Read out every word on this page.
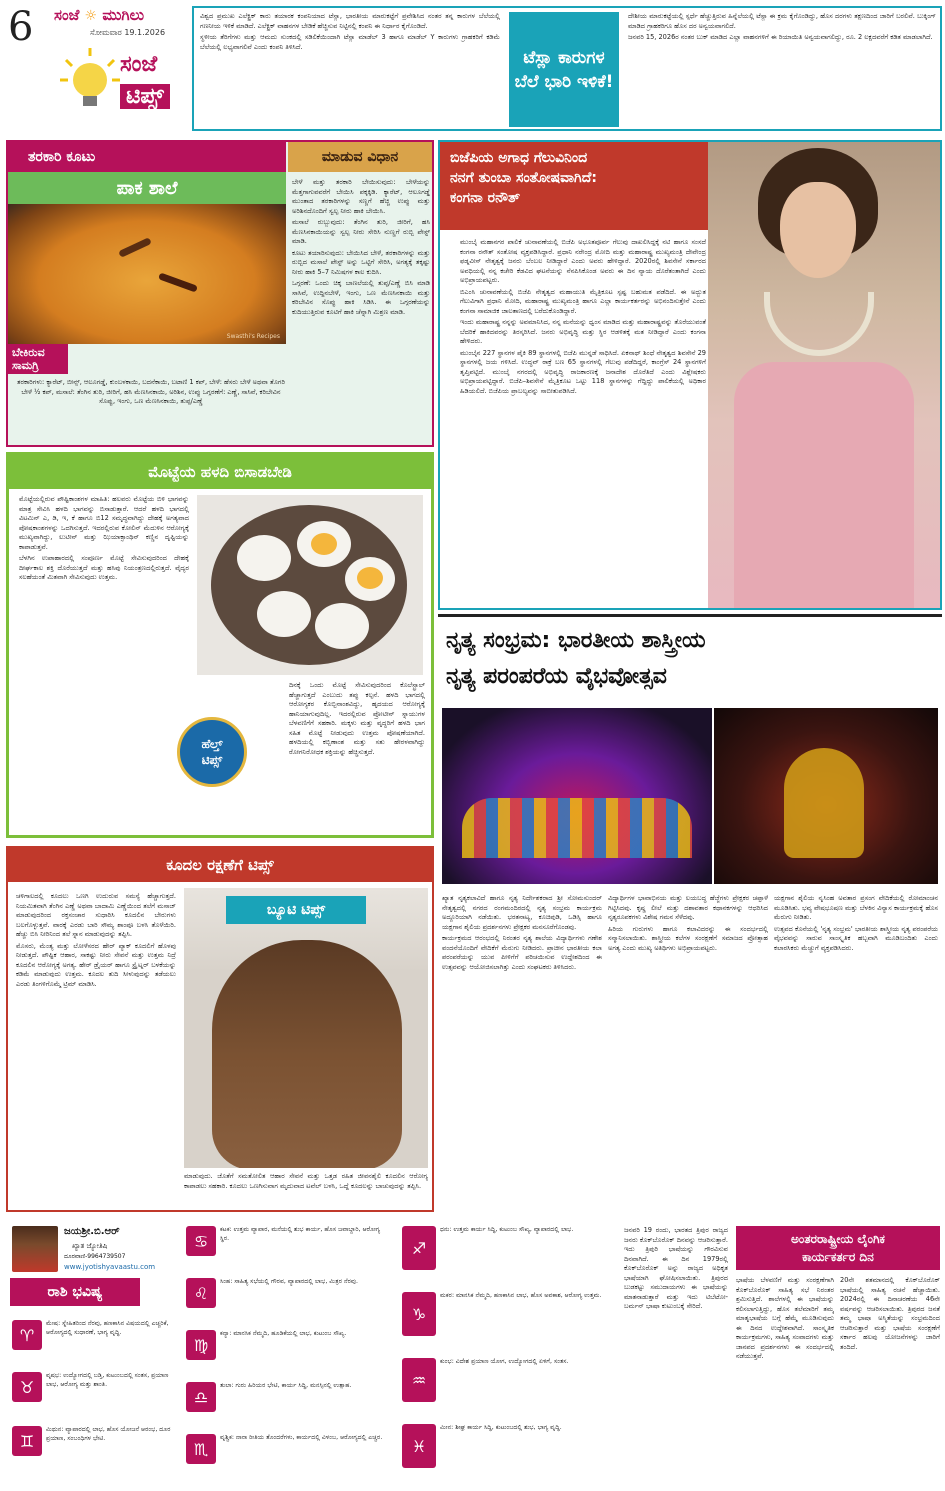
6 ಸಂಜೆ ☼ ಮುಗಿಲು
ಸೋಮವಾರ 19.1.2026
ಸಂಜೆ
ಟಿಪ್ಸ್

ವಿಶ್ವದ ಪ್ರಮುಖ ಎಲೆಕ್ಟ್ರಿಕ್ ಕಾರು ತಯಾರಕ ಕಂಪನಿಯಾದ ಟೆಸ್ಲಾ, ಭಾರತೀಯ ಮಾರುಕಟ್ಟೆಗೆ ಪ್ರವೇಶಿಸಿದ ನಂತರ ತನ್ನ ಕಾರುಗಳ ಬೆಲೆಯಲ್ಲಿ ಗಣನೀಯ ಇಳಿಕೆ ಮಾಡಿದೆ. ಎಲೆಕ್ಟ್ರಿಕ್ ವಾಹನಗಳ ಬೇಡಿಕೆ ಹೆಚ್ಚಿಸುವ ನಿಟ್ಟಿನಲ್ಲಿ ಕಂಪನಿ ಈ ನಿರ್ಧಾರ ಕೈಗೊಂಡಿದೆ.

ಸ್ಥಳೀಯ ತೆರಿಗೆಗಳು ಮತ್ತು ಆಮದು ಸುಂಕದಲ್ಲಿ ಸಡಿಲಿಕೆಯಿಂದಾಗಿ ಟೆಸ್ಲಾ ಮಾಡೆಲ್ 3 ಹಾಗೂ ಮಾಡೆಲ್ Y ಕಾರುಗಳು ಗ್ರಾಹಕರಿಗೆ ಕಡಿಮೆ ಬೆಲೆಯಲ್ಲಿ ಲಭ್ಯವಾಗಲಿವೆ ಎಂದು ಕಂಪನಿ ತಿಳಿಸಿದೆ.

ಟೆಸ್ಲಾ ಕಾರುಗಳ ಬೆಲೆ ಭಾರಿ ಇಳಿಕೆ!

ದೇಶೀಯ ಮಾರುಕಟ್ಟೆಯಲ್ಲಿ ಸ್ಪರ್ಧೆ ಹೆಚ್ಚುತ್ತಿರುವ ಹಿನ್ನೆಲೆಯಲ್ಲಿ ಟೆಸ್ಲಾ ಈ ಕ್ರಮ ಕೈಗೊಂಡಿದ್ದು, ಹೊಸ ದರಗಳು ತಕ್ಷಣದಿಂದ ಜಾರಿಗೆ ಬರಲಿವೆ. ಬುಕ್ಕಿಂಗ್ ಮಾಡಿದ ಗ್ರಾಹಕರಿಗೂ ಹೊಸ ದರ ಅನ್ವಯವಾಗಲಿದೆ.

ಜನವರಿ 15, 2026ರ ನಂತರ ಬುಕ್ ಮಾಡಿದ ಎಲ್ಲಾ ವಾಹನಗಳಿಗೆ ಈ ರಿಯಾಯಿತಿ ಅನ್ವಯವಾಗಲಿದ್ದು, ರೂ. 2 ಲಕ್ಷದವರೆಗೆ ಕಡಿತ ಮಾಡಲಾಗಿದೆ.

ತರಕಾರಿ ಕೂಟು	ಮಾಡುವ ವಿಧಾನ
ಪಾಕ ಶಾಲೆ
Swasthi's Recipes
ಬೇಕಿರುವ ಸಾಮಗ್ರಿ
ತರಕಾರಿಗಳು: ಕ್ಯಾರೆಟ್, ಬೀನ್ಸ್, ಆಲೂಗಡ್ಡೆ, ಕುಂಬಳಕಾಯಿ, ಬದನೆಕಾಯಿ, ಬಟಾಣಿ 1 ಕಪ್, ಬೇಳೆ: ಹೆಸರು ಬೇಳೆ ಅಥವಾ ತೊಗರಿ ಬೇಳೆ ½ ಕಪ್, ಮಸಾಲೆ: ತೆಂಗಿನ ತುರಿ, ಜೀರಿಗೆ, ಹಸಿ ಮೆಣಸಿನಕಾಯಿ, ಅರಿಶಿನ, ಉಪ್ಪು ಒಗ್ಗರಣೆಗೆ: ಎಣ್ಣೆ, ಸಾಸಿವೆ, ಕರಿಬೇವಿನ ಸೊಪ್ಪು, ಇಂಗು, ಒಣ ಮೆಣಸಿನಕಾಯಿ, ತುಪ್ಪ/ಎಣ್ಣೆ

ಬೇಳೆ ಮತ್ತು ತರಕಾರಿ ಬೇಯಿಸುವುದು: ಬೇಳೆಯನ್ನು ಮೆತ್ತಗಾಗುವವರೆಗೆ ಬೇಯಿಸಿ ಪಕ್ಕಕ್ಕಿಡಿ. ಕ್ಯಾರೆಟ್, ಆಲೂಗಡ್ಡೆ ಮುಂತಾದ ತರಕಾರಿಗಳನ್ನು ಸಣ್ಣಗೆ ಹೆಚ್ಚಿ ಉಪ್ಪು ಮತ್ತು ಅರಿಶಿನದೊಂದಿಗೆ ಸ್ವಲ್ಪ ನೀರು ಹಾಕಿ ಬೇಯಿಸಿ.

ಮಸಾಲೆ ರುಬ್ಬುವುದು: ತೆಂಗಿನ ತುರಿ, ಜೀರಿಗೆ, ಹಸಿ ಮೆಣಸಿನಕಾಯಿಯನ್ನು ಸ್ವಲ್ಪ ನೀರು ಸೇರಿಸಿ ನುಣ್ಣಗೆ ರುಬ್ಬಿ ಪೇಸ್ಟ್ ಮಾಡಿ.

ಕೂಟು ತಯಾರಿಸುವುದು: ಬೇಯಿಸಿದ ಬೇಳೆ, ತರಕಾರಿಗಳನ್ನು ಮತ್ತು ರುಬ್ಬಿದ ಮಸಾಲೆ ಪೇಸ್ಟ್ ಅನ್ನು ಒಟ್ಟಿಗೆ ಸೇರಿಸಿ, ಅಗತ್ಯಕ್ಕೆ ತಕ್ಕಷ್ಟು ನೀರು ಹಾಕಿ 5–7 ನಿಮಿಷಗಳ ಕಾಲ ಕುದಿಸಿ.

ಒಗ್ಗರಣೆ: ಒಂದು ಚಿಕ್ಕ ಬಾಣಲೆಯಲ್ಲಿ ತುಪ್ಪ/ಎಣ್ಣೆ ಬಿಸಿ ಮಾಡಿ ಸಾಸಿವೆ, ಉದ್ದಿನಬೇಳೆ, ಇಂಗು, ಒಣ ಮೆಣಸಿನಕಾಯಿ ಮತ್ತು ಕರಿಬೇವಿನ ಸೊಪ್ಪು ಹಾಕಿ ಸಿಡಿಸಿ. ಈ ಒಗ್ಗರಣೆಯನ್ನು ಕುದಿಯುತ್ತಿರುವ ಕೂಟಿಗೆ ಹಾಕಿ ಚೆನ್ನಾಗಿ ಮಿಶ್ರಣ ಮಾಡಿ.

ಬಿಜೆಪಿಯ ಅಗಾಧ ಗೆಲುವಿನಿಂದ
ನನಗೆ ತುಂಬಾ ಸಂತೋಷವಾಗಿದೆ:
ಕಂಗನಾ ರನೌತ್

ಮುಂಬೈ ಮಹಾನಗರ ಪಾಲಿಕೆ ಚುನಾವಣೆಯಲ್ಲಿ ಬಿಜೆಪಿ ಅಭೂತಪೂರ್ವ ಗೆಲುವು ದಾಖಲಿಸಿದ್ದಕ್ಕೆ ನಟಿ ಹಾಗೂ ಸಂಸದೆ ಕಂಗನಾ ರನೌತ್ ಸಂತೋಷ ವ್ಯಕ್ತಪಡಿಸಿದ್ದಾರೆ. ಪ್ರಧಾನಿ ನರೇಂದ್ರ ಮೋದಿ ಮತ್ತು ಮಹಾರಾಷ್ಟ್ರ ಮುಖ್ಯಮಂತ್ರಿ ದೇವೇಂದ್ರ ಫಡ್ನವೀಸ್ ನೇತೃತ್ವಕ್ಕೆ ಜನರು ಬೆಂಬಲ ನೀಡಿದ್ದಾರೆ ಎಂದು ಅವರು ಹೇಳಿದ್ದಾರೆ. 2020ರಲ್ಲಿ ಶಿವಸೇನೆ ಸರ್ಕಾರದ ಅವಧಿಯಲ್ಲಿ ನನ್ನ ಕಚೇರಿ ಕೆಡವಿದ ಘಟನೆಯನ್ನು ನೆನಪಿಸಿಕೊಂಡ ಅವರು ಈ ದಿನ ನ್ಯಾಯ ದೊರೆತಂತಾಗಿದೆ ಎಂದು ಅಭಿಪ್ರಾಯಪಟ್ಟರು.

ಬಿಎಂಸಿ ಚುನಾವಣೆಯಲ್ಲಿ ಬಿಜೆಪಿ ನೇತೃತ್ವದ ಮಹಾಯುತಿ ಮೈತ್ರಿಕೂಟ ಸ್ಪಷ್ಟ ಬಹುಮತ ಪಡೆದಿದೆ. ಈ ಅದ್ಭುತ ಗೆಲುವಿಗಾಗಿ ಪ್ರಧಾನಿ ಮೋದಿ, ಮಹಾರಾಷ್ಟ್ರ ಮುಖ್ಯಮಂತ್ರಿ ಹಾಗೂ ಎಲ್ಲಾ ಕಾರ್ಯಕರ್ತರನ್ನು ಅಭಿನಂದಿಸುತ್ತೇನೆ ಎಂದು ಕಂಗನಾ ಸಾಮಾಜಿಕ ಜಾಲತಾಣದಲ್ಲಿ ಬರೆದುಕೊಂಡಿದ್ದಾರೆ.

ಇಂದು ಮಹಾರಾಷ್ಟ್ರ ನನ್ನನ್ನು ಅವಮಾನಿಸಿದ, ನನ್ನ ಮನೆಯನ್ನು ಧ್ವಂಸ ಮಾಡಿದ ಮತ್ತು ಮಹಾರಾಷ್ಟ್ರವನ್ನು ತೊರೆಯುವಂತೆ ಬೆದರಿಕೆ ಹಾಕಿದವರನ್ನು ತಿರಸ್ಕರಿಸಿದೆ. ಜನರು ಅಭಿವೃದ್ಧಿ ಮತ್ತು ಸ್ಥಿರ ಆಡಳಿತಕ್ಕೆ ಮತ ನೀಡಿದ್ದಾರೆ ಎಂದು ಕಂಗನಾ ಹೇಳಿದರು.

ಮುಂಬೈನ 227 ಸ್ಥಾನಗಳ ಪೈಕಿ 89 ಸ್ಥಾನಗಳಲ್ಲಿ ಬಿಜೆಪಿ ಮುನ್ನಡೆ ಸಾಧಿಸಿದೆ. ಏಕನಾಥ್ ಶಿಂಧೆ ನೇತೃತ್ವದ ಶಿವಸೇನೆ 29 ಸ್ಥಾನಗಳಲ್ಲಿ ಜಯ ಗಳಿಸಿದೆ. ಉದ್ಧವ್ ಠಾಕ್ರೆ ಬಣ 65 ಸ್ಥಾನಗಳಲ್ಲಿ ಗೆಲುವು ಪಡೆದಿದ್ದರೆ, ಕಾಂಗ್ರೆಸ್ 24 ಸ್ಥಾನಗಳಿಗೆ ತೃಪ್ತಿಪಟ್ಟಿದೆ. ಮುಂಬೈ ನಗರದಲ್ಲಿ ಅಭಿವೃದ್ಧಿ ರಾಜಕಾರಣಕ್ಕೆ ಜನಾದೇಶ ದೊರೆತಿದೆ ಎಂದು ವಿಶ್ಲೇಷಕರು ಅಭಿಪ್ರಾಯಪಟ್ಟಿದ್ದಾರೆ. ಬಿಜೆಪಿ–ಶಿವಸೇನೆ ಮೈತ್ರಿಕೂಟ ಒಟ್ಟು 118 ಸ್ಥಾನಗಳನ್ನು ಗೆದ್ದಿದ್ದು ಪಾಲಿಕೆಯಲ್ಲಿ ಅಧಿಕಾರ ಹಿಡಿಯಲಿದೆ. ಬಿಜೆಪಿಯ ಪ್ರಾಬಲ್ಯವನ್ನು ಸಾಬೀತುಪಡಿಸಿದೆ.

ಮೊಟ್ಟೆಯ ಹಳದಿ ಬಿಸಾಡಬೇಡಿ

ಮೊಟ್ಟೆಯಲ್ಲಿರುವ ಪೌಷ್ಟಿಕಾಂಶಗಳ ಮಾಹಿತಿ: ಹಲವರು ಮೊಟ್ಟೆಯ ಬಿಳಿ ಭಾಗವನ್ನು ಮಾತ್ರ ಸೇವಿಸಿ ಹಳದಿ ಭಾಗವನ್ನು ಬಿಸಾಡುತ್ತಾರೆ. ಆದರೆ ಹಳದಿ ಭಾಗದಲ್ಲಿ ವಿಟಮಿನ್ ಎ, ಡಿ, ಇ, ಕೆ ಹಾಗೂ ಬಿ12 ಸಮೃದ್ಧವಾಗಿದ್ದು ದೇಹಕ್ಕೆ ಅಗತ್ಯವಾದ ಪೋಷಕಾಂಶಗಳನ್ನು ಒದಗಿಸುತ್ತದೆ. ಇದರಲ್ಲಿರುವ ಕೋಲಿನ್ ಮೆದುಳಿನ ಆರೋಗ್ಯಕ್ಕೆ ಮುಖ್ಯವಾಗಿದ್ದು, ಲುಟೀನ್ ಮತ್ತು ಝಿಯಾಕ್ಸಾಂಥಿನ್ ಕಣ್ಣಿನ ದೃಷ್ಟಿಯನ್ನು ಕಾಪಾಡುತ್ತವೆ.

ಬೆಳಗಿನ ಉಪಾಹಾರದಲ್ಲಿ ಸಂಪೂರ್ಣ ಮೊಟ್ಟೆ ಸೇವಿಸುವುದರಿಂದ ದೇಹಕ್ಕೆ ದೀರ್ಘಕಾಲ ಶಕ್ತಿ ದೊರೆಯುತ್ತದೆ ಮತ್ತು ಹಸಿವು ನಿಯಂತ್ರಣದಲ್ಲಿರುತ್ತದೆ. ವೈದ್ಯರ ಸಲಹೆಯಂತೆ ಮಿತವಾಗಿ ಸೇವಿಸುವುದು ಉತ್ತಮ.

ದಿನಕ್ಕೆ ಒಂದು ಮೊಟ್ಟೆ ಸೇವಿಸುವುದರಿಂದ ಕೊಲೆಸ್ಟ್ರಾಲ್ ಹೆಚ್ಚಾಗುತ್ತದೆ ಎಂಬುದು ತಪ್ಪು ಕಲ್ಪನೆ. ಹಳದಿ ಭಾಗದಲ್ಲಿ ಆರೋಗ್ಯಕರ ಕೊಬ್ಬಿನಾಂಶವಿದ್ದು, ಹೃದಯದ ಆರೋಗ್ಯಕ್ಕೆ ಹಾನಿಯಾಗುವುದಿಲ್ಲ. ಇದರಲ್ಲಿರುವ ಪ್ರೋಟೀನ್ ಸ್ನಾಯುಗಳ ಬೆಳವಣಿಗೆಗೆ ಸಹಕಾರಿ. ಮಕ್ಕಳು ಮತ್ತು ವೃದ್ಧರಿಗೆ ಹಳದಿ ಭಾಗ ಸಹಿತ ಮೊಟ್ಟೆ ನೀಡುವುದು ಉತ್ತಮ ಪೋಷಣೆಯಾಗಿದೆ. ಹಳದಿಯಲ್ಲಿ ಕಬ್ಬಿಣಾಂಶ ಮತ್ತು ಸತು ಹೇರಳವಾಗಿದ್ದು ರೋಗನಿರೋಧಕ ಶಕ್ತಿಯನ್ನು ಹೆಚ್ಚಿಸುತ್ತದೆ.

ಹೆಲ್ತ್
ಟಿಪ್ಸ್
ನೃತ್ಯ ಸಂಭ್ರಮ: ಭಾರತೀಯ ಶಾಸ್ತ್ರೀಯ
ನೃತ್ಯ ಪರಂಪರೆಯ ವೈಭವೋತ್ಸವ

ಖ್ಯಾತ ನೃತ್ಯಕಲಾವಿದೆ ಹಾಗೂ ನೃತ್ಯ ನಿರ್ದೇಶಕರಾದ ಶ್ರೀ ಸೋಮಸುಂದರ್ ನೇತೃತ್ವದಲ್ಲಿ ನಗರದ ರಂಗಮಂದಿರದಲ್ಲಿ ನೃತ್ಯ ಸಂಭ್ರಮ ಕಾರ್ಯಕ್ರಮ ಅದ್ದೂರಿಯಾಗಿ ನಡೆಯಿತು. ಭರತನಾಟ್ಯ, ಕೂಚಿಪುಡಿ, ಒಡಿಸ್ಸಿ ಹಾಗೂ ಯಕ್ಷಗಾನ ಶೈಲಿಯ ಪ್ರದರ್ಶನಗಳು ಪ್ರೇಕ್ಷಕರ ಮನಸೂರೆಗೊಂಡವು.

ಕಾರ್ಯಕ್ರಮದ ಆರಂಭದಲ್ಲಿ ನಿರಂತರ ನೃತ್ಯ ಶಾಲೆಯ ವಿದ್ಯಾರ್ಥಿಗಳು ಗಣೇಶ ವಂದನೆಯೊಂದಿಗೆ ವೇದಿಕೆಗೆ ಮೆರುಗು ನೀಡಿದರು. ಪ್ರಾಚೀನ ಭಾರತೀಯ ಕಲಾ ಪರಂಪರೆಯನ್ನು ಯುವ ಪೀಳಿಗೆಗೆ ಪರಿಚಯಿಸುವ ಉದ್ದೇಶದಿಂದ ಈ ಉತ್ಸವವನ್ನು ಆಯೋಜಿಸಲಾಗಿತ್ತು ಎಂದು ಸಂಘಟಕರು ತಿಳಿಸಿದರು.

ವಿದ್ಯಾರ್ಥಿಗಳ ಭಾವಾಭಿನಯ ಮತ್ತು ಲಯಬದ್ಧ ಹೆಜ್ಜೆಗಳು ಪ್ರೇಕ್ಷಕರ ಚಪ್ಪಾಳೆ ಗಿಟ್ಟಿಸಿದವು. ಕೃಷ್ಣ ಲೀಲೆ ಮತ್ತು ದಶಾವತಾರ ಕಥಾನಕಗಳನ್ನು ಆಧರಿಸಿದ ನೃತ್ಯರೂಪಕಗಳು ವಿಶೇಷ ಗಮನ ಸೆಳೆದವು.

ಹಿರಿಯ ಗುರುಗಳು ಹಾಗೂ ಕಲಾವಿದರನ್ನು ಈ ಸಂದರ್ಭದಲ್ಲಿ ಸನ್ಮಾನಿಸಲಾಯಿತು. ಶಾಸ್ತ್ರೀಯ ಕಲೆಗಳ ಸಂರಕ್ಷಣೆಗೆ ಸಮಾಜದ ಪ್ರೋತ್ಸಾಹ ಅಗತ್ಯ ಎಂದು ಮುಖ್ಯ ಅತಿಥಿಗಳು ಅಭಿಪ್ರಾಯಪಟ್ಟರು.

ಯಕ್ಷಗಾನ ಶೈಲಿಯ ನೃಸಿಂಹ ಅವತಾರ ಪ್ರಸಂಗ ವೇದಿಕೆಯಲ್ಲಿ ರೋಮಾಂಚನ ಮೂಡಿಸಿತು. ಭವ್ಯ ವೇಷಭೂಷಣ ಮತ್ತು ಬೆಳಕಿನ ವಿನ್ಯಾಸ ಕಾರ್ಯಕ್ರಮಕ್ಕೆ ಹೊಸ ಮೆರುಗು ನೀಡಿತು.

ಉತ್ಸವದ ಕೊನೆಯಲ್ಲಿ 'ನೃತ್ಯ ಸಂಭ್ರಮ' ಭಾರತೀಯ ಶಾಸ್ತ್ರೀಯ ನೃತ್ಯ ಪರಂಪರೆಯ ವೈಭವವನ್ನು ಸಾರುವ ಸಾಂಸ್ಕೃತಿಕ ಹಬ್ಬವಾಗಿ ಮೂಡಿಬಂದಿತು ಎಂದು ಕಲಾರಸಿಕರು ಮೆಚ್ಚುಗೆ ವ್ಯಕ್ತಪಡಿಸಿದರು.

ಕೂದಲ ರಕ್ಷಣೆಗೆ ಟಿಪ್ಸ್

ಚಳಿಗಾಲದಲ್ಲಿ ಕೂದಲು ಒಣಗಿ ಉದುರುವ ಸಮಸ್ಯೆ ಹೆಚ್ಚಾಗುತ್ತದೆ. ನಿಯಮಿತವಾಗಿ ತೆಂಗಿನ ಎಣ್ಣೆ ಅಥವಾ ಬಾದಾಮಿ ಎಣ್ಣೆಯಿಂದ ತಲೆಗೆ ಮಸಾಜ್ ಮಾಡುವುದರಿಂದ ರಕ್ತಸಂಚಾರ ಸುಧಾರಿಸಿ ಕೂದಲಿನ ಬೇರುಗಳು ಬಲಗೊಳ್ಳುತ್ತವೆ. ವಾರಕ್ಕೆ ಎರಡು ಬಾರಿ ಸೌಮ್ಯ ಶಾಂಪೂ ಬಳಸಿ ತೊಳೆಯಿರಿ. ಹೆಚ್ಚು ಬಿಸಿ ನೀರಿನಿಂದ ತಲೆ ಸ್ನಾನ ಮಾಡುವುದನ್ನು ತಪ್ಪಿಸಿ.

ಮೊಸರು, ಮೆಂತ್ಯ ಮತ್ತು ಲೋಳೆಸರದ ಹೇರ್ ಪ್ಯಾಕ್ ಕೂದಲಿಗೆ ಹೊಳಪು ನೀಡುತ್ತದೆ. ಪೌಷ್ಟಿಕ ಆಹಾರ, ಸಾಕಷ್ಟು ನೀರು ಸೇವನೆ ಮತ್ತು ಉತ್ತಮ ನಿದ್ರೆ ಕೂದಲಿನ ಆರೋಗ್ಯಕ್ಕೆ ಅಗತ್ಯ. ಹೇರ್ ಡ್ರೈಯರ್ ಹಾಗೂ ಸ್ಟ್ರೈಟ್ನರ್ ಬಳಕೆಯನ್ನು ಕಡಿಮೆ ಮಾಡುವುದು ಉತ್ತಮ. ಕೂದಲ ತುದಿ ಸೀಳುವುದನ್ನು ತಡೆಯಲು ಎರಡು ತಿಂಗಳಿಗೊಮ್ಮೆ ಟ್ರಿಮ್ ಮಾಡಿಸಿ.

ಬ್ಯೂಟಿ ಟಿಪ್ಸ್
ಮಾಡುವುದು. ಜೊತೆಗೆ ಸಮತೋಲಿತ ಆಹಾರ ಸೇವನೆ ಮತ್ತು ಒತ್ತಡ ರಹಿತ ಜೀವನಶೈಲಿ ಕೂದಲಿನ ಆರೋಗ್ಯ ಕಾಪಾಡಲು ಸಹಕಾರಿ. ಕೂದಲು ಒಣಗಿಸುವಾಗ ಮೃದುವಾದ ಟವೆಲ್ ಬಳಸಿ, ಒದ್ದೆ ಕೂದಲನ್ನು ಬಾಚುವುದನ್ನು ತಪ್ಪಿಸಿ.
ಜಯಶ್ರೀ.ಬಿ.ಆರ್
ಖ್ಯಾತ ಜ್ಯೋತಿಷಿ
ದೂರವಾಣಿ-9964739507
www.jyotishyavaastu.com
ರಾಶಿ ಭವಿಷ್ಯ
♈
ಮೇಷ: ಸ್ನೇಹಿತರಿಂದ ನೆರವು, ಹಣಕಾಸಿನ ವಿಷಯದಲ್ಲಿ ಎಚ್ಚರಿಕೆ, ಆರೋಗ್ಯದಲ್ಲಿ ಸುಧಾರಣೆ, ಭಾಗ್ಯ ವೃದ್ಧಿ.
♉
ವೃಷಭ: ಉದ್ಯೋಗದಲ್ಲಿ ಬಡ್ತಿ, ಕುಟುಂಬದಲ್ಲಿ ಸಂತಸ, ಪ್ರಯಾಣ ಲಾಭ, ಆರೋಗ್ಯ ಮತ್ತು ಶಾಂತಿ.
♊
ಮಿಥುನ: ವ್ಯಾಪಾರದಲ್ಲಿ ಲಾಭ, ಹೊಸ ಯೋಜನೆ ಆರಂಭ, ದೂರ ಪ್ರಯಾಣ, ಸಂಬಂಧಿಗಳ ಭೇಟಿ.
♋
ಕಟಕ: ಉತ್ತಮ ವ್ಯಾಪಾರ, ಮನೆಯಲ್ಲಿ ಶುಭ ಕಾರ್ಯ, ಹೊಸ ಜವಾಬ್ದಾರಿ, ಆರೋಗ್ಯ ಸ್ಥಿರ.
♌
ಸಿಂಹ: ಸಾಹಿತ್ಯ ಸಭೆಯಲ್ಲಿ ಗೌರವ, ವ್ಯಾಪಾರದಲ್ಲಿ ಲಾಭ, ಮಿತ್ರರ ನೆರವು.
♍
ಕನ್ಯಾ: ಮಾನಸಿಕ ನೆಮ್ಮದಿ, ಹೂಡಿಕೆಯಲ್ಲಿ ಲಾಭ, ಕುಟುಂಬ ಸೌಖ್ಯ.
♎
ತುಲಾ: ಗುರು ಹಿರಿಯರ ಭೇಟಿ, ಕಾರ್ಯ ಸಿದ್ಧಿ, ಮನಸ್ಸಿನಲ್ಲಿ ಉತ್ಸಾಹ.
♏
ವೃಶ್ಚಿಕ: ನಾನಾ ರೀತಿಯ ತೊಂದರೆಗಳು, ಕಾರ್ಯದಲ್ಲಿ ವಿಳಂಬ, ಆರೋಗ್ಯದಲ್ಲಿ ಎಚ್ಚರ.
♐
ಧನು: ಉತ್ತಮ ಕಾರ್ಯ ಸಿದ್ಧಿ, ಕುಟುಂಬ ಸೌಖ್ಯ, ವ್ಯಾಪಾರದಲ್ಲಿ ಲಾಭ.
♑
ಮಕರ: ಮಾನಸಿಕ ನೆಮ್ಮದಿ, ಹಣಕಾಸಿನ ಲಾಭ, ಹೊಸ ಅವಕಾಶ, ಆರೋಗ್ಯ ಉತ್ತಮ.
♒
ಕುಂಭ: ವಿದೇಶ ಪ್ರಯಾಣ ಯೋಗ, ಉದ್ಯೋಗದಲ್ಲಿ ಏಳಿಗೆ, ಸಂತಸ.
♓
ಮೀನ: ಶೀಘ್ರ ಕಾರ್ಯ ಸಿದ್ಧಿ, ಕುಟುಂಬದಲ್ಲಿ ಶುಭ, ಭಾಗ್ಯ ವೃದ್ಧಿ.

ಜನವರಿ 19 ರಂದು, ಭಾರತದ ತ್ರಿಪುರ ರಾಜ್ಯದ ಜನರು ಕೊಕ್‌ಬೊರೊಕ್ ದಿನವನ್ನು ಆಚರಿಸುತ್ತಾರೆ. ಇದು ತ್ರಿಪುರಿ ಭಾಷೆಯನ್ನು ಗೌರವಿಸುವ ದಿನವಾಗಿದೆ. ಈ ದಿನ 1979ರಲ್ಲಿ ಕೊಕ್‌ಬೊರೊಕ್ ಅನ್ನು ರಾಜ್ಯದ ಅಧಿಕೃತ ಭಾಷೆಯಾಗಿ ಘೋಷಿಸಲಾಯಿತು. ತ್ರಿಪುರದ ಬುಡಕಟ್ಟು ಸಮುದಾಯಗಳು ಈ ಭಾಷೆಯನ್ನು ಮಾತನಾಡುತ್ತಾರೆ ಮತ್ತು ಇದು ಟಿಬೆಟೋ-ಬರ್ಮನ್ ಭಾಷಾ ಕುಟುಂಬಕ್ಕೆ ಸೇರಿದೆ.

ಅಂತರರಾಷ್ಟ್ರೀಯ ಲೈಂಗಿಕ
ಕಾರ್ಯಕರ್ತರ ದಿನ

ಭಾಷೆಯ ಬೆಳವಣಿಗೆ ಮತ್ತು ಸಂರಕ್ಷಣೆಗಾಗಿ ಕೊಕ್‌ಬೊರೊಕ್ ಸಾಹಿತ್ಯ ಸಭೆ ನಿರಂತರ ಶ್ರಮಿಸುತ್ತಿದೆ. ಶಾಲೆಗಳಲ್ಲಿ ಈ ಭಾಷೆಯನ್ನು ಕಲಿಸಲಾಗುತ್ತಿದ್ದು, ಹೊಸ ತಲೆಮಾರಿಗೆ ತಮ್ಮ ಮಾತೃಭಾಷೆಯ ಬಗ್ಗೆ ಹೆಮ್ಮೆ ಮೂಡಿಸುವುದು ಈ ದಿನದ ಉದ್ದೇಶವಾಗಿದೆ. ಸಾಂಸ್ಕೃತಿಕ ಕಾರ್ಯಕ್ರಮಗಳು, ಸಾಹಿತ್ಯ ಸಂವಾದಗಳು ಮತ್ತು ಜಾನಪದ ಪ್ರದರ್ಶನಗಳು ಈ ಸಂದರ್ಭದಲ್ಲಿ ನಡೆಯುತ್ತವೆ.

20ನೇ ಶತಮಾನದಲ್ಲಿ ಕೊಕ್‌ಬೊರೊಕ್ ಭಾಷೆಯಲ್ಲಿ ಸಾಹಿತ್ಯ ರಚನೆ ಹೆಚ್ಚಾಯಿತು. 2024ರಲ್ಲಿ ಈ ದಿನಾಚರಣೆಯ 46ನೇ ವರ್ಷವನ್ನು ಆಚರಿಸಲಾಯಿತು. ತ್ರಿಪುರದ ಜನತೆ ತಮ್ಮ ಭಾಷಾ ಅಸ್ಮಿತೆಯನ್ನು ಸಂಭ್ರಮದಿಂದ ಆಚರಿಸುತ್ತಾರೆ ಮತ್ತು ಭಾಷೆಯ ಸಂರಕ್ಷಣೆಗೆ ಸರ್ಕಾರ ಹಲವು ಯೋಜನೆಗಳನ್ನು ಜಾರಿಗೆ ತಂದಿದೆ.
